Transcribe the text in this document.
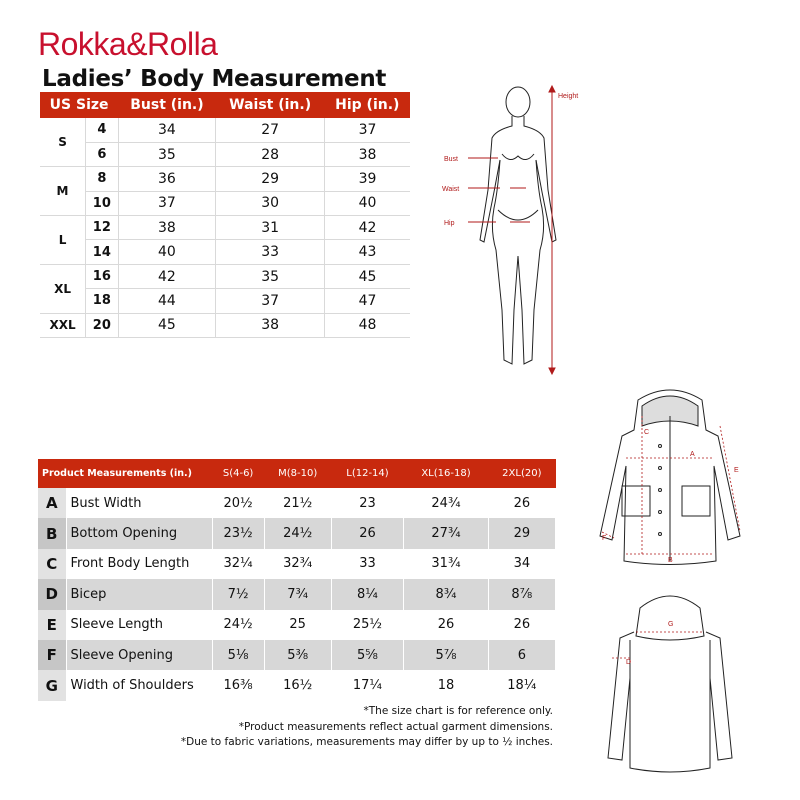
Rokka&Rolla
Ladies’ Body Measurement
US Size		Bust (in.)	Waist (in.)	Hip (in.)
S	4	34	27	37
	6	35	28	38
M	8	36	29	39
	10	37	30	40
L	12	38	31	42
	14	40	33	43
XL	16	42	35	45
	18	44	37	47
XXL	20	45	38	48
Height
Bust
Waist
Hip
Product Measurements (in.)		S(4-6)	M(8-10)	L(12-14)	XL(16-18)	2XL(20)
A	Bust Width	20½	21½	23	24¾	26
B	Bottom Opening	23½	24½	26	27¾	29
C	Front Body Length	32¼	32¾	33	31¾	34
D	Bicep	7½	7¾	8¼	8¾	8⅞
E	Sleeve Length	24½	25	25½	26	26
F	Sleeve Opening	5⅛	5⅜	5⅝	5⅞	6
G	Width of Shoulders	16⅜	16½	17¼	18	18¼
*The size chart is for reference only.
*Product measurements reflect actual garment dimensions.
*Due to fabric variations, measurements may differ by up to ½ inches.
A
B
C
E
F
G
D
